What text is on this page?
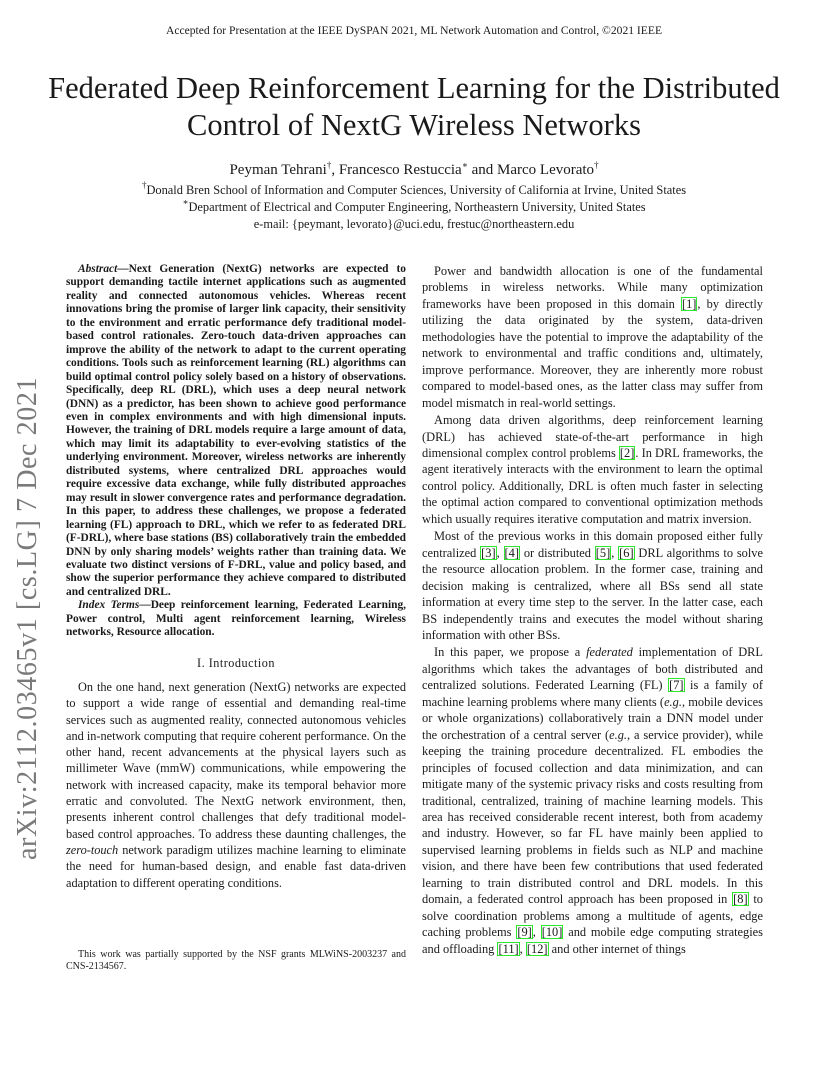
Accepted for Presentation at the IEEE DySPAN 2021, ML Network Automation and Control, ©2021 IEEE
Federated Deep Reinforcement Learning for the Distributed Control of NextG Wireless Networks
Peyman Tehrani†, Francesco Restuccia∗ and Marco Levorato†
†Donald Bren School of Information and Computer Sciences, University of California at Irvine, United States
∗Department of Electrical and Computer Engineering, Northeastern University, United States
e-mail: {peymant, levorato}@uci.edu, frestuc@northeastern.edu
arXiv:2112.03465v1 [cs.LG] 7 Dec 2021

Abstract—Next Generation (NextG) networks are expected to support demanding tactile internet applications such as augmented reality and connected autonomous vehicles. Whereas recent innovations bring the promise of larger link capacity, their sensitivity to the environment and erratic performance defy traditional model-based control rationales. Zero-touch data-driven approaches can improve the ability of the network to adapt to the current operating conditions. Tools such as reinforcement learning (RL) algorithms can build optimal control policy solely based on a history of observations. Specifically, deep RL (DRL), which uses a deep neural network (DNN) as a predictor, has been shown to achieve good performance even in complex environments and with high dimensional inputs. However, the training of DRL models require a large amount of data, which may limit its adaptability to ever-evolving statistics of the underlying environment. Moreover, wireless networks are inherently distributed systems, where centralized DRL approaches would require excessive data exchange, while fully distributed approaches may result in slower convergence rates and performance degradation. In this paper, to address these challenges, we propose a federated learning (FL) approach to DRL, which we refer to as federated DRL (F-DRL), where base stations (BS) collaboratively train the embedded DNN by only sharing models’ weights rather than training data. We evaluate two distinct versions of F-DRL, value and policy based, and show the superior performance they achieve compared to distributed and centralized DRL.

Index Terms—Deep reinforcement learning, Federated Learning, Power control, Multi agent reinforcement learning, Wireless networks, Resource allocation.

I. Introduction

On the one hand, next generation (NextG) networks are expected to support a wide range of essential and demanding real-time services such as augmented reality, connected autonomous vehicles and in-network computing that require coherent performance. On the other hand, recent advancements at the physical layers such as millimeter Wave (mmW) communications, while empowering the network with increased capacity, make its temporal behavior more erratic and convoluted. The NextG network environment, then, presents inherent control challenges that defy traditional model-based control approaches. To address these daunting challenges, the zero-touch network paradigm utilizes machine learning to eliminate the need for human-based design, and enable fast data-driven adaptation to different operating conditions.

This work was partially supported by the NSF grants MLWiNS-2003237 and CNS-2134567.

Power and bandwidth allocation is one of the fundamental problems in wireless networks. While many optimization frameworks have been proposed in this domain [1], by directly utilizing the data originated by the system, data-driven methodologies have the potential to improve the adaptability of the network to environmental and traffic conditions and, ultimately, improve performance. Moreover, they are inherently more robust compared to model-based ones, as the latter class may suffer from model mismatch in real-world settings.

Among data driven algorithms, deep reinforcement learning (DRL) has achieved state-of-the-art performance in high dimensional complex control problems [2]. In DRL frameworks, the agent iteratively interacts with the environment to learn the optimal control policy. Additionally, DRL is often much faster in selecting the optimal action compared to conventional optimization methods which usually requires iterative computation and matrix inversion.

Most of the previous works in this domain proposed either fully centralized [3], [4] or distributed [5], [6] DRL algorithms to solve the resource allocation problem. In the former case, training and decision making is centralized, where all BSs send all state information at every time step to the server. In the latter case, each BS independently trains and executes the model without sharing information with other BSs.

In this paper, we propose a federated implementation of DRL algorithms which takes the advantages of both distributed and centralized solutions. Federated Learning (FL) [7] is a family of machine learning problems where many clients (e.g., mobile devices or whole organizations) collaboratively train a DNN model under the orchestration of a central server (e.g., a service provider), while keeping the training procedure decentralized. FL embodies the principles of focused collection and data minimization, and can mitigate many of the systemic privacy risks and costs resulting from traditional, centralized, training of machine learning models. This area has received considerable recent interest, both from academy and industry. However, so far FL have mainly been applied to supervised learning problems in fields such as NLP and machine vision, and there have been few contributions that used federated learning to train distributed control and DRL models. In this domain, a federated control approach has been proposed in [8] to solve coordination problems among a multitude of agents, edge caching problems [9], [10] and mobile edge computing strategies and offloading [11], [12] and other internet of things
